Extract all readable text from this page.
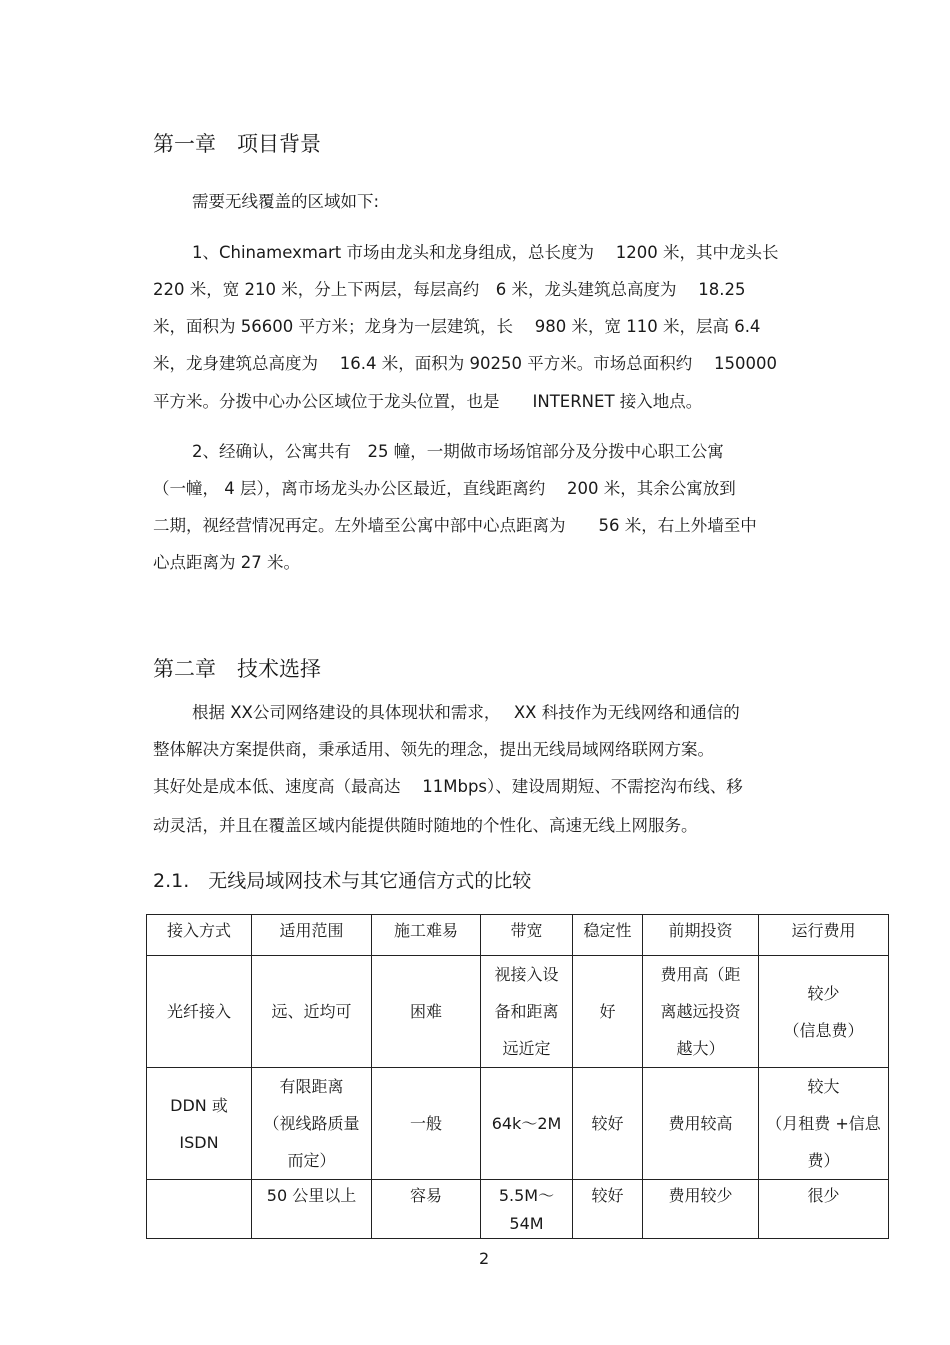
第一章　项目背景
需要无线覆盖的区域如下:
1、Chinamexmart 市场由龙头和龙身组成，总长度为　 1200 米，其中龙头长
220 米，宽 210 米，分上下两层，每层高约　6 米，龙头建筑总高度为　 18.25
米，面积为 56600 平方米；龙身为一层建筑，长　 980 米，宽 110 米，层高 6.4
米，龙身建筑总高度为　 16.4 米，面积为 90250 平方米。市场总面积约　 150000
平方米。分拨中心办公区域位于龙头位置，也是　　INTERNET 接入地点。
2、经确认，公寓共有　25 幢，一期做市场场馆部分及分拨中心职工公寓
（一幢， 4 层），离市场龙头办公区最近，直线距离约　 200 米，其余公寓放到
二期，视经营情况再定。左外墙至公寓中部中心点距离为　　56 米，右上外墙至中
心点距离为 27 米。
第二章　技术选择
根据 XX公司网络建设的具体现状和需求，　 XX 科技作为无线网络和通信的
整体解决方案提供商，秉承适用、领先的理念，提出无线局域网络联网方案。
其好处是成本低、速度高（最高达　 11Mbps）、建设周期短、不需挖沟布线、移
动灵活，并且在覆盖区域内能提供随时随地的个性化、高速无线上网服务。
2.1.　无线局域网技术与其它通信方式的比较
接入方式	适用范围	施工难易	带宽	稳定性	前期投资	运行费用

光纤接入	远、近均可	困难	视接入设
备和距离
远近定	好	费用高（距
离越远投资
越大）	较少
（信息费）

DDN 或 ISDN	有限距离
（视线路质量
而定）	一般	64k～2M	较好	费用较高	较大
（月租费 +信息
费）

	50 公里以上	容易	5.5M～54M	较好	费用较少	很少
2
